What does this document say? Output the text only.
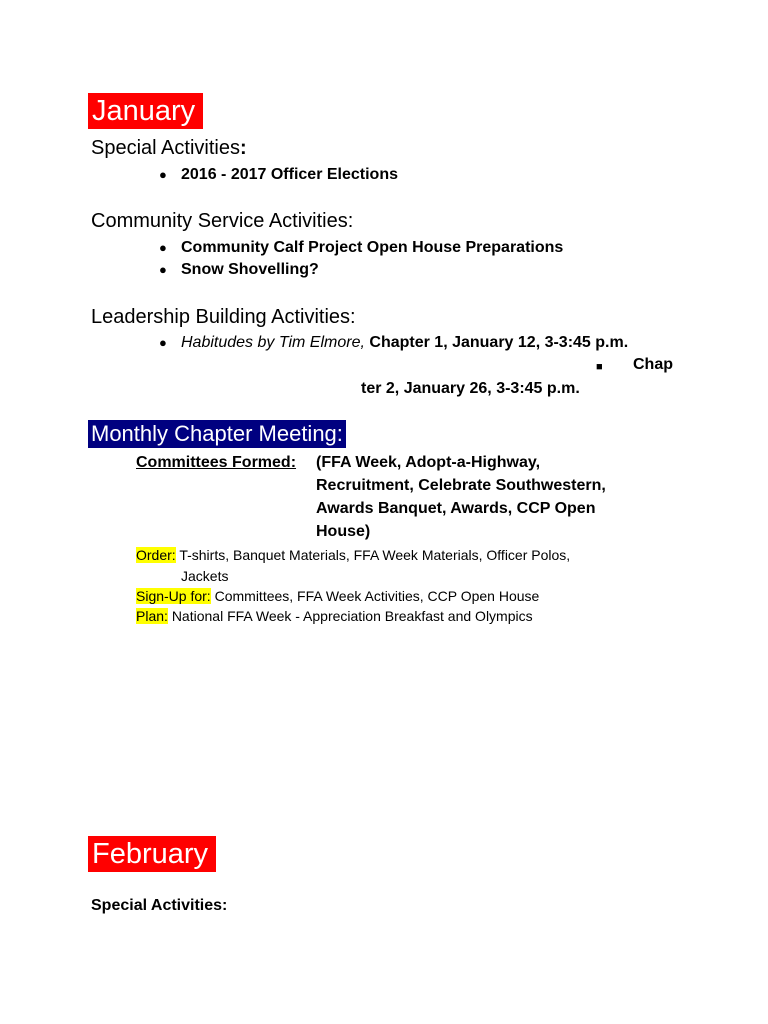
January
Special Activities:
● 2016 - 2017 Officer Elections
Community Service Activities:
● Community Calf Project Open House Preparations
● Snow Shovelling?
Leadership Building Activities:
● Habitudes by Tim Elmore, Chapter 1, January 12, 3-3:45 p.m.
■ Chap
ter 2, January 26, 3-3:45 p.m.
Monthly Chapter Meeting:
Committees Formed: (FFA Week, Adopt-a-Highway,
Recruitment, Celebrate Southwestern,
Awards Banquet, Awards, CCP Open
House)
Order: T-shirts, Banquet Materials, FFA Week Materials, Officer Polos,
Jackets
Sign-Up for: Committees, FFA Week Activities, CCP Open House
Plan: National FFA Week - Appreciation Breakfast and Olympics
February
Special Activities:
